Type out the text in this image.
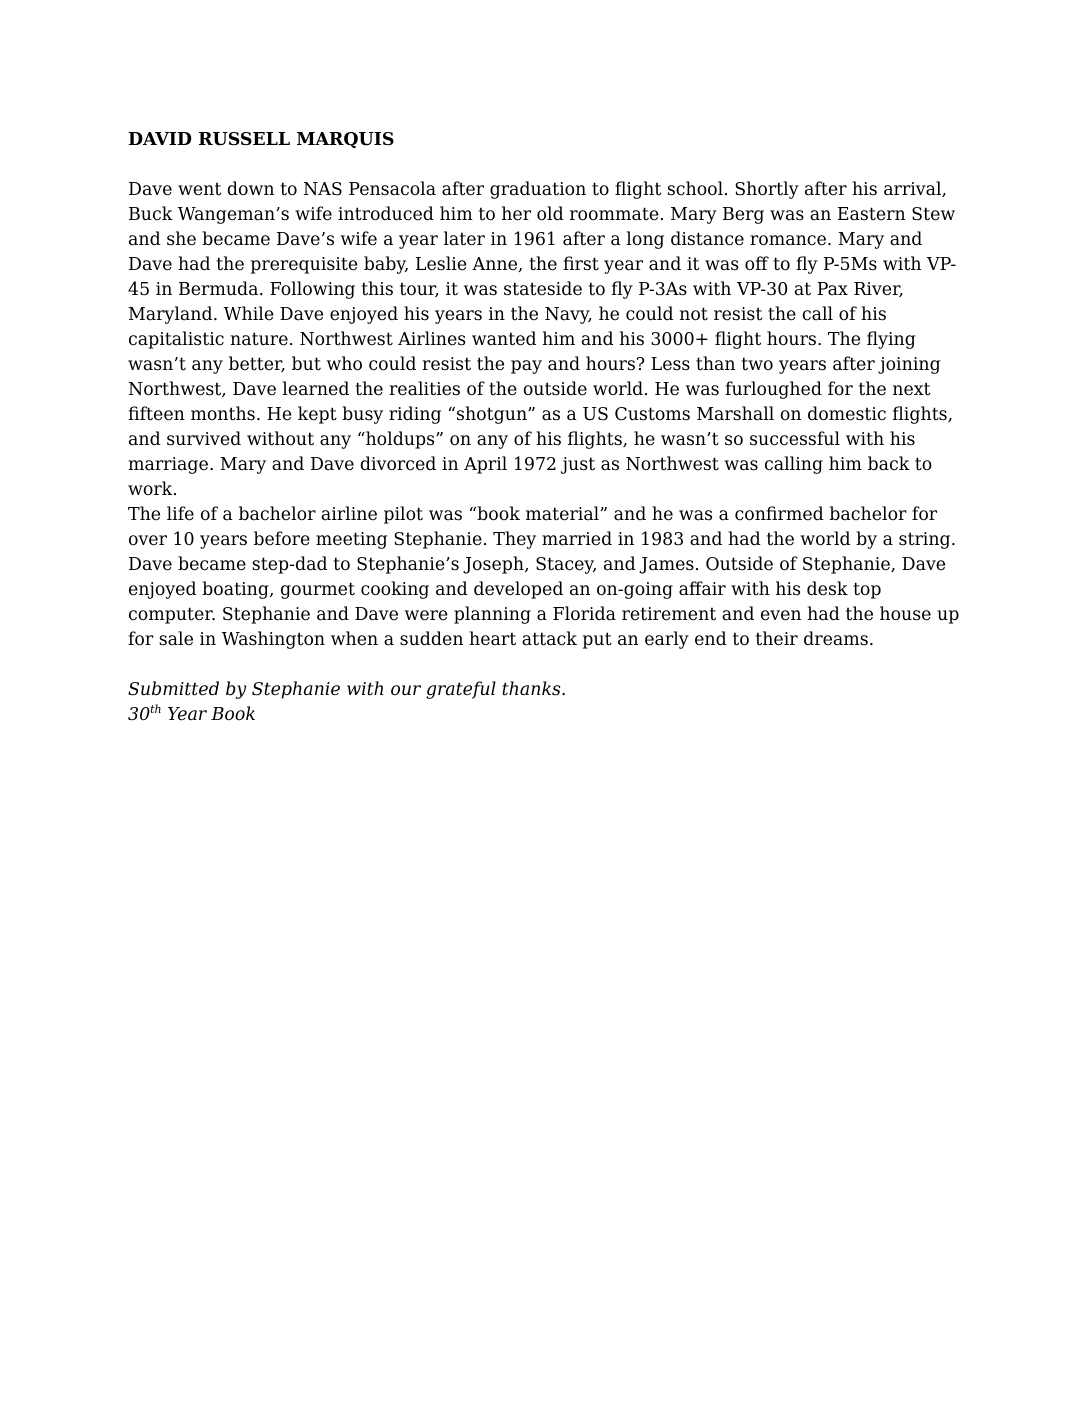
DAVID RUSSELL MARQUIS

Dave went down to NAS Pensacola after graduation to flight school. Shortly after his arrival, Buck Wangeman’s wife introduced him to her old roommate. Mary Berg was an Eastern Stew and she became Dave’s wife a year later in 1961 after a long distance romance. Mary and Dave had the prerequisite baby, Leslie Anne, the first year and it was off to fly P-5Ms with VP-45 in Bermuda. Following this tour, it was stateside to fly P-3As with VP-30 at Pax River, Maryland. While Dave enjoyed his years in the Navy, he could not resist the call of his capitalistic nature. Northwest Airlines wanted him and his 3000+ flight hours. The flying wasn’t any better, but who could resist the pay and hours? Less than two years after joining Northwest, Dave learned the realities of the outside world. He was furloughed for the next fifteen months. He kept busy riding “shotgun” as a US Customs Marshall on domestic flights, and survived without any “holdups” on any of his flights, he wasn’t so successful with his marriage. Mary and Dave divorced in April 1972 just as Northwest was calling him back to work.

The life of a bachelor airline pilot was “book material” and he was a confirmed bachelor for over 10 years before meeting Stephanie. They married in 1983 and had the world by a string. Dave became step-dad to Stephanie’s Joseph, Stacey, and James. Outside of Stephanie, Dave enjoyed boating, gourmet cooking and developed an on-going affair with his desk top computer. Stephanie and Dave were planning a Florida retirement and even had the house up for sale in Washington when a sudden heart attack put an early end to their dreams.

Submitted by Stephanie with our grateful thanks.

30th Year Book
